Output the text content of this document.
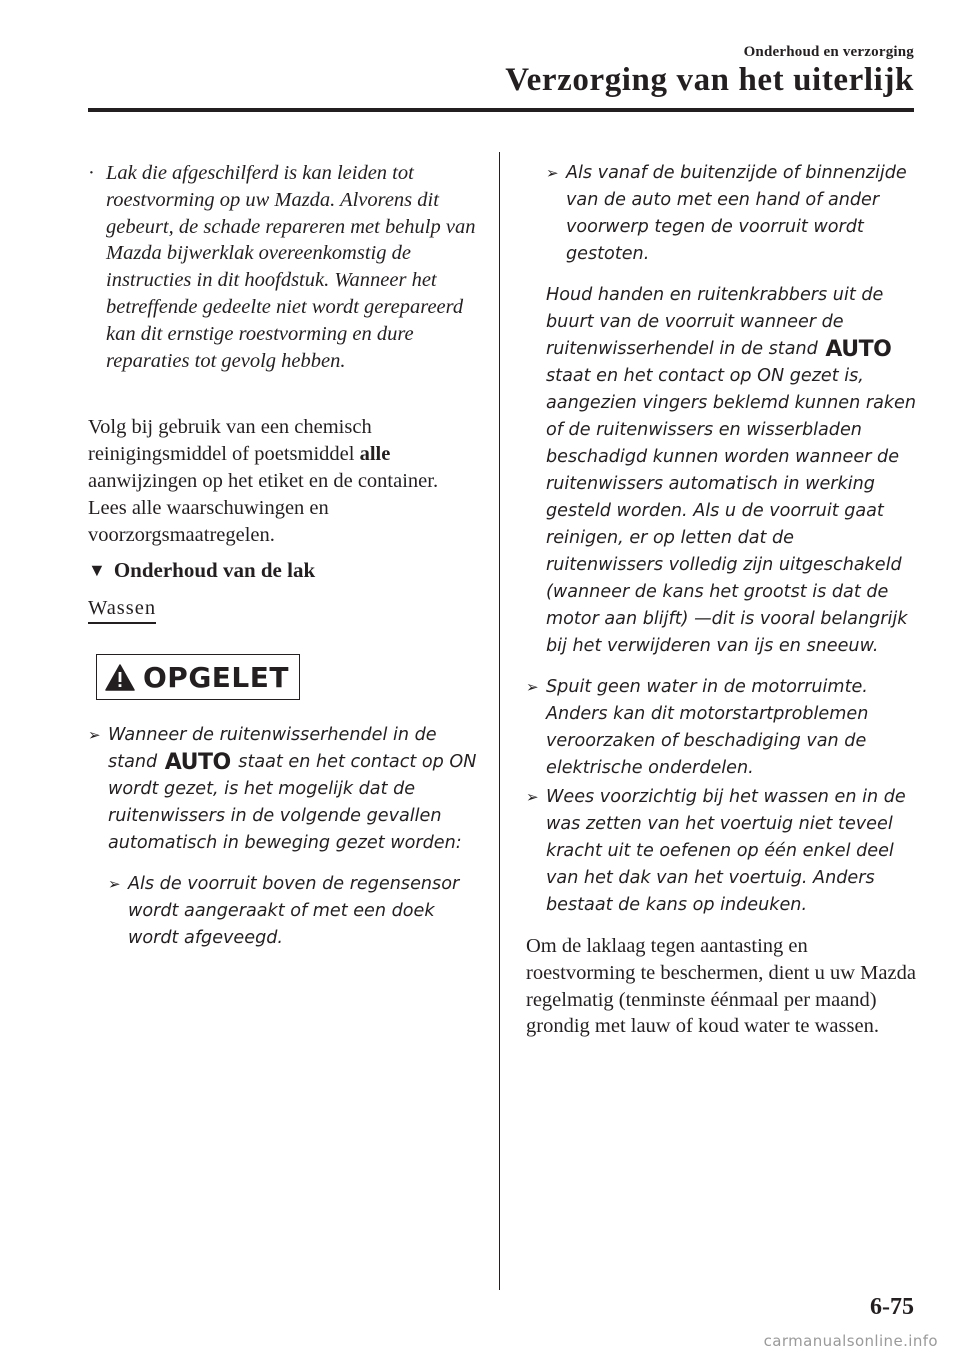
Onderhoud en verzorging
Verzorging van het uiterlijk
· Lak die afgeschilferd is kan leiden tot roestvorming op uw Mazda. Alvorens dit gebeurt, de schade repareren met behulp van Mazda bijwerklak overeenkomstig de instructies in dit hoofdstuk. Wanneer het betreffende gedeelte niet wordt gerepareerd kan dit ernstige roestvorming en dure reparaties tot gevolg hebben.

Volg bij gebruik van een chemisch reinigingsmiddel of poetsmiddel alle aanwijzingen op het etiket en de container. Lees alle waarschuwingen en voorzorgsmaatregelen.

▼ Onderhoud van de lak
Wassen
OPGELET
➢ Wanneer de ruitenwisserhendel in de stand AUTO staat en het contact op ON wordt gezet, is het mogelijk dat de ruitenwissers in de volgende gevallen automatisch in beweging gezet worden:
➢ Als de voorruit boven de regensensor wordt aangeraakt of met een doek wordt afgeveegd.
➢ Als vanaf de buitenzijde of binnenzijde van de auto met een hand of ander voorwerp tegen de voorruit wordt gestoten.

Houd handen en ruitenkrabbers uit de buurt van de voorruit wanneer de ruitenwisserhendel in de stand AUTO staat en het contact op ON gezet is, aangezien vingers beklemd kunnen raken of de ruitenwissers en wisserbladen beschadigd kunnen worden wanneer de ruitenwissers automatisch in werking gesteld worden. Als u de voorruit gaat reinigen, er op letten dat de ruitenwissers volledig zijn uitgeschakeld (wanneer de kans het grootst is dat de motor aan blijft) —dit is vooral belangrijk bij het verwijderen van ijs en sneeuw.

➢ Spuit geen water in de motorruimte. Anders kan dit motorstartproblemen veroorzaken of beschadiging van de elektrische onderdelen.
➢ Wees voorzichtig bij het wassen en in de was zetten van het voertuig niet teveel kracht uit te oefenen op één enkel deel van het dak van het voertuig. Anders bestaat de kans op indeuken.

Om de laklaag tegen aantasting en roestvorming te beschermen, dient u uw Mazda regelmatig (tenminste éénmaal per maand) grondig met lauw of koud water te wassen.

6-75
carmanualsonline.info
